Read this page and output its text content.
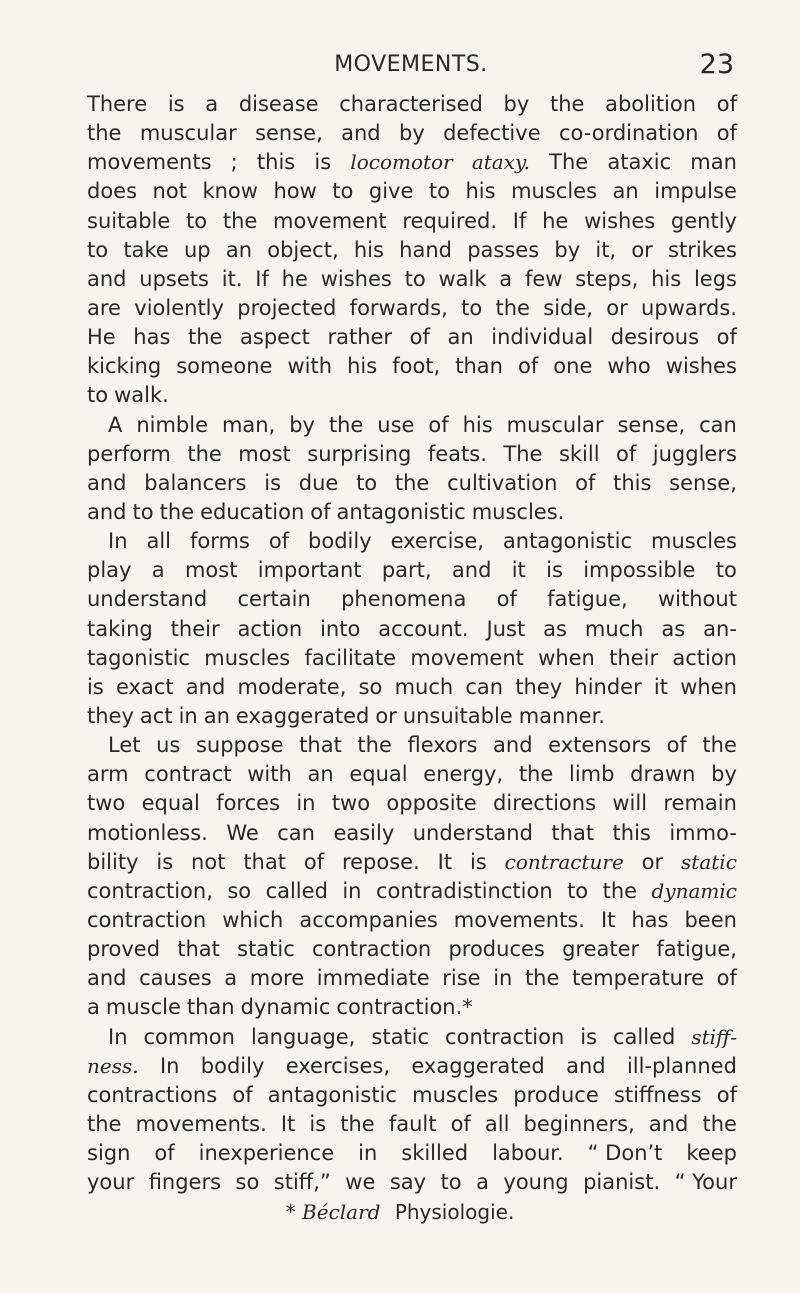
MOVEMENTS.	23
There is a disease characterised by the abolition of
the muscular sense, and by defective co-ordination of
movements ; this is locomotor ataxy. The ataxic man
does not know how to give to his muscles an impulse
suitable to the movement required. If he wishes gently
to take up an object, his hand passes by it, or strikes
and upsets it. If he wishes to walk a few steps, his legs
are violently projected forwards, to the side, or upwards.
He has the aspect rather of an individual desirous of
kicking someone with his foot, than of one who wishes
to walk.
A nimble man, by the use of his muscular sense, can
perform the most surprising feats. The skill of jugglers
and balancers is due to the cultivation of this sense,
and to the education of antagonistic muscles.
In all forms of bodily exercise, antagonistic muscles
play a most important part, and it is impossible to
understand certain phenomena of fatigue, without
taking their action into account. Just as much as an-
tagonistic muscles facilitate movement when their action
is exact and moderate, so much can they hinder it when
they act in an exaggerated or unsuitable manner.
Let us suppose that the flexors and extensors of the
arm contract with an equal energy, the limb drawn by
two equal forces in two opposite directions will remain
motionless. We can easily understand that this immo-
bility is not that of repose. It is contracture or static
contraction, so called in contradistinction to the dynamic
contraction which accompanies movements. It has been
proved that static contraction produces greater fatigue,
and causes a more immediate rise in the temperature of
a muscle than dynamic contraction.*
In common language, static contraction is called stiff-
ness. In bodily exercises, exaggerated and ill-planned
contractions of antagonistic muscles produce stiffness of
the movements. It is the fault of all beginners, and the
sign of inexperience in skilled labour. “ Don’t keep
your fingers so stiff,” we say to a young pianist. “ Your
* Béclard Physiologie.
